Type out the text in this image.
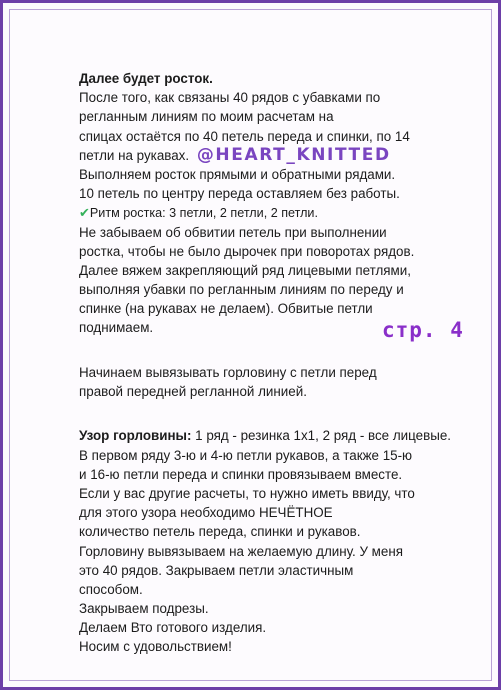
Далее будет росток.
После того, как связаны 40 рядов с убавками по
регланным линиям по моим расчетам на
спицах остаётся по 40 петель переда и спинки, по 14
петли на рукавах. @HEART_KNITTED
Выполняем росток прямыми и обратными рядами.
10 петель по центру переда оставляем без работы.
✔Ритм ростка: 3 петли, 2 петли, 2 петли.
Не забываем об обвитии петель при выполнении
ростка, чтобы не было дырочек при поворотах рядов.
Далее вяжем закрепляющий ряд лицевыми петлями,
выполняя убавки по регланным линиям по переду и
спинке (на рукавах не делаем). Обвитые петли
поднимаем.
Начинаем вывязывать горловину с петли перед
правой передней регланной линией.
Узор горловины: 1 ряд - резинка 1х1, 2 ряд - все лицевые.
В первом ряду 3-ю и 4-ю петли рукавов, а также 15-ю
и 16-ю петли переда и спинки провязываем вместе.
Если у вас другие расчеты, то нужно иметь ввиду, что
для этого узора необходимо НЕЧЁТНОЕ
количество петель переда, спинки и рукавов.
Горловину вывязываем на желаемую длину. У меня
это 40 рядов. Закрываем петли эластичным
способом.
Закрываем подрезы.
Делаем Вто готового изделия.
Носим с удовольствием!
стр. 4
